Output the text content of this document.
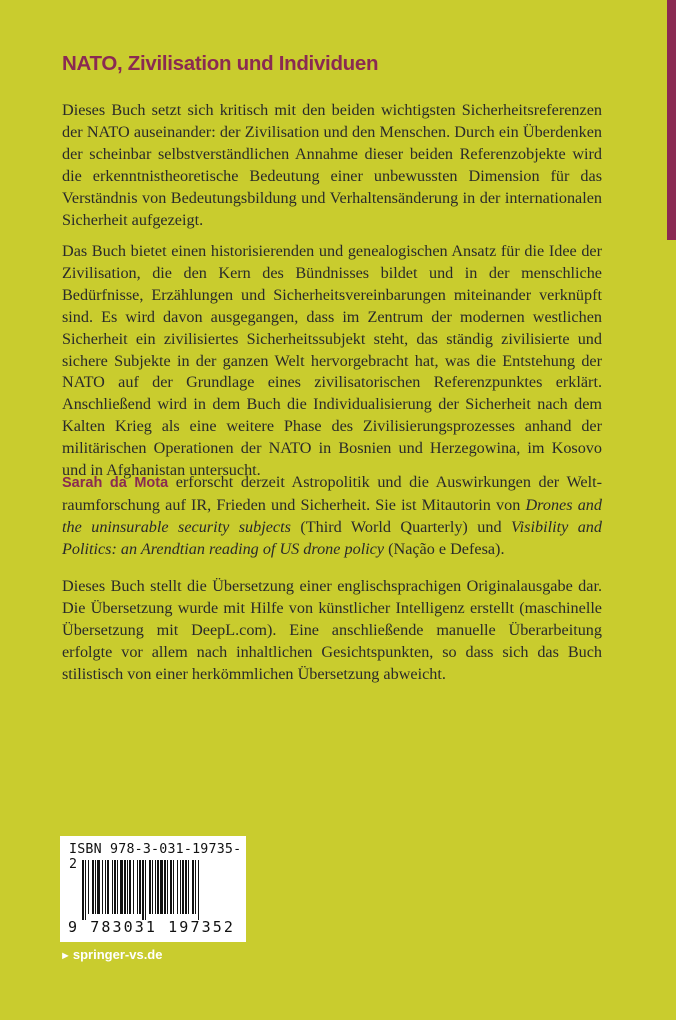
NATO, Zivilisation und Individuen

Dieses Buch setzt sich kritisch mit den beiden wichtigsten Sicherheitsreferenzen der NATO auseinander: der Zivilisation und den Menschen. Durch ein Überdenken der scheinbar selbstverständlichen Annahme dieser beiden Referenzobjekte wird die erkenntnistheoretische Bedeutung einer unbewussten Dimension für das Verständnis von Bedeutungsbildung und Verhaltensänderung in der internationalen Sicherheit aufgezeigt.

Das Buch bietet einen historisierenden und genealogischen Ansatz für die Idee der Zivilisation, die den Kern des Bündnisses bildet und in der menschliche Bedürfnisse, Erzählungen und Sicherheitsvereinbarungen miteinander verknüpft sind. Es wird davon ausgegangen, dass im Zentrum der modernen westlichen Sicherheit ein zivilisiertes Sicherheitssubjekt steht, das ständig zivilisierte und sichere Subjekte in der ganzen Welt hervorgebracht hat, was die Entstehung der NATO auf der Grundlage eines zivilisatorischen Referenzpunktes erklärt. Anschließend wird in dem Buch die Individualisierung der Sicherheit nach dem Kalten Krieg als eine weitere Phase des Zivilisierungsprozesses anhand der militärischen Operationen der NATO in Bosnien und Herzegowina, im Kosovo und in Afghanistan untersucht.

Sarah da Mota erforscht derzeit Astropolitik und die Auswirkungen der Weltraumforschung auf IR, Frieden und Sicherheit. Sie ist Mitautorin von Drones and the uninsurable security subjects (Third World Quarterly) und Visibility and Politics: an Arendtian reading of US drone policy (Nação e Defesa).

Dieses Buch stellt die Übersetzung einer englischsprachigen Originalausgabe dar. Die Übersetzung wurde mit Hilfe von künstlicher Intelligenz erstellt (maschinelle Übersetzung mit DeepL.com). Eine anschließende manuelle Überarbeitung erfolgte vor allem nach inhaltlichen Gesichtspunkten, so dass sich das Buch stilistisch von einer herkömmlichen Übersetzung abweicht.

ISBN 978-3-031-19735-2
9 783031 197352
► springer-vs.de
